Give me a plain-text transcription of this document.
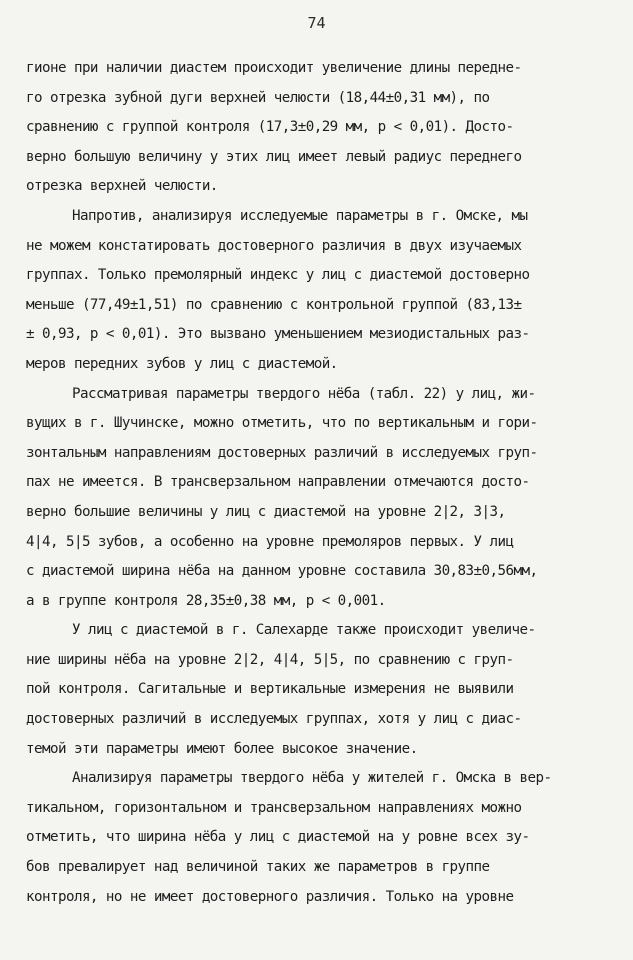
74
гионе при наличии диастем происходит увеличение длины передне-
го отрезка зубной дуги верхней челюсти (18,44±0,31 мм), по
сравнению с группой контроля (17,3±0,29 мм, р < 0,01). Досто-
верно большую величину у этих лиц имеет левый радиус переднего
отрезка верхней челюсти.
Напротив, анализируя исследуемые параметры в г. Омске, мы
не можем констатировать достоверного различия в двух изучаемых
группах. Только премолярный индекс у лиц с диастемой достоверно
меньше (77,49±1,51) по сравнению с контрольной группой (83,13±
± 0,93, р < 0,01). Это вызвано уменьшением мезиодистальных раз-
меров передних зубов у лиц с диастемой.
Рассматривая параметры твердого нёба (табл. 22) у лиц, жи-
вущих в г. Шучинске, можно отметить, что по вертикальным и гори-
зонтальным направлениям достоверных различий в исследуемых груп-
пах не имеется. В трансверзальном направлении отмечаются досто-
верно большие величины у лиц с диастемой на уровне 2|2, 3|3,
4|4, 5|5 зубов, а особенно на уровне премоляров первых. У лиц
с диастемой ширина нёба на данном уровне составила 30,83±0,56мм,
а в группе контроля 28,35±0,38 мм, р < 0,001.
У лиц с диастемой в г. Салехарде также происходит увеличе-
ние ширины нёба на уровне 2|2, 4|4, 5|5, по сравнению с груп-
пой контроля. Сагитальные и вертикальные измерения не выявили
достоверных различий в исследуемых группах, хотя у лиц с диас-
темой эти параметры имеют более высокое значение.
Анализируя параметры твердого нёба у жителей г. Омска в вер-
тикальном, горизонтальном и трансверзальном направлениях можно
отметить, что ширина нёба у лиц с диастемой на у ровне всех зу-
бов превалирует над величиной таких же параметров в группе
контроля, но не имеет достоверного различия. Только на уровне
